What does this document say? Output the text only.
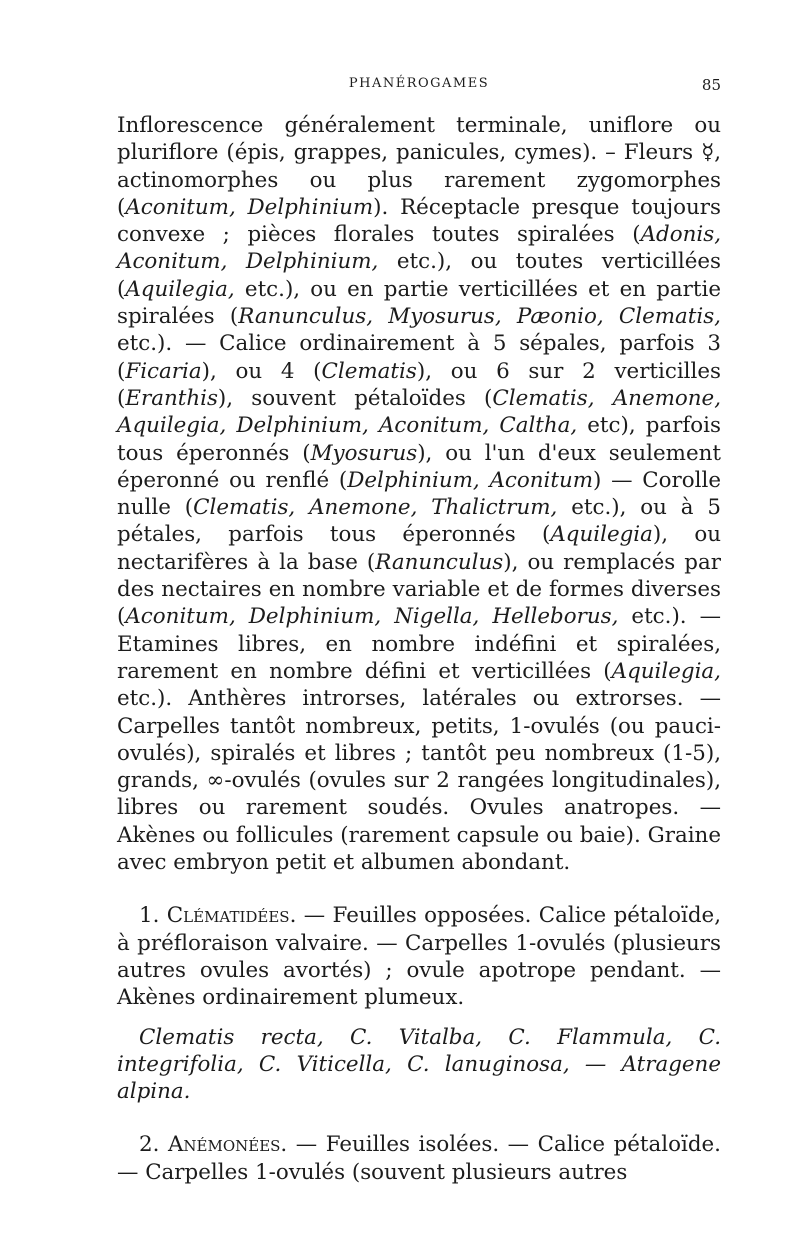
PHANÉROGAMES	85

Inflorescence généralement terminale, uniflore ou pluriflore (épis, grappes, panicules, cymes). – Fleurs ☿, actinomorphes ou plus rarement zygomorphes (Aconitum, Delphinium). Réceptacle presque toujours convexe ; pièces florales toutes spiralées (Adonis, Aconitum, Delphinium, etc.), ou toutes verticillées (Aquilegia, etc.), ou en partie verticillées et en partie spiralées (Ranunculus, Myosurus, Pæonio, Clematis, etc.). — Calice ordinairement à 5 sépales, parfois 3 (Ficaria), ou 4 (Clematis), ou 6 sur 2 verticilles (Eranthis), souvent pétaloïdes (Clematis, Anemone, Aquilegia, Delphinium, Aconitum, Caltha, etc), parfois tous éperonnés (Myosurus), ou l'un d'eux seulement éperonné ou renflé (Delphinium, Aconitum) — Corolle nulle (Clematis, Anemone, Thalictrum, etc.), ou à 5 pétales, parfois tous éperonnés (Aquilegia), ou nectarifères à la base (Ranunculus), ou remplacés par des nectaires en nombre variable et de formes diverses (Aconitum, Delphinium, Nigella, Helleborus, etc.). — Etamines libres, en nombre indéfini et spiralées, rarement en nombre défini et verticillées (Aquilegia, etc.). Anthères introrses, latérales ou extrorses. — Carpelles tantôt nombreux, petits, 1-ovulés (ou pauci-ovulés), spiralés et libres ; tantôt peu nombreux (1-5), grands, ∞-ovulés (ovules sur 2 rangées longitudinales), libres ou rarement soudés. Ovules anatropes. — Akènes ou follicules (rarement capsule ou baie). Graine avec embryon petit et albumen abondant.

1. Clématidées. — Feuilles opposées. Calice pétaloïde, à préfloraison valvaire. — Carpelles 1-ovulés (plusieurs autres ovules avortés) ; ovule apotrope pendant. — Akènes ordinairement plumeux.

Clematis recta, C. Vitalba, C. Flammula, C. integrifolia, C. Viticella, C. lanuginosa, — Atragene alpina.

2. Anémonées. — Feuilles isolées. — Calice pétaloïde. — Carpelles 1-ovulés (souvent plusieurs autres
